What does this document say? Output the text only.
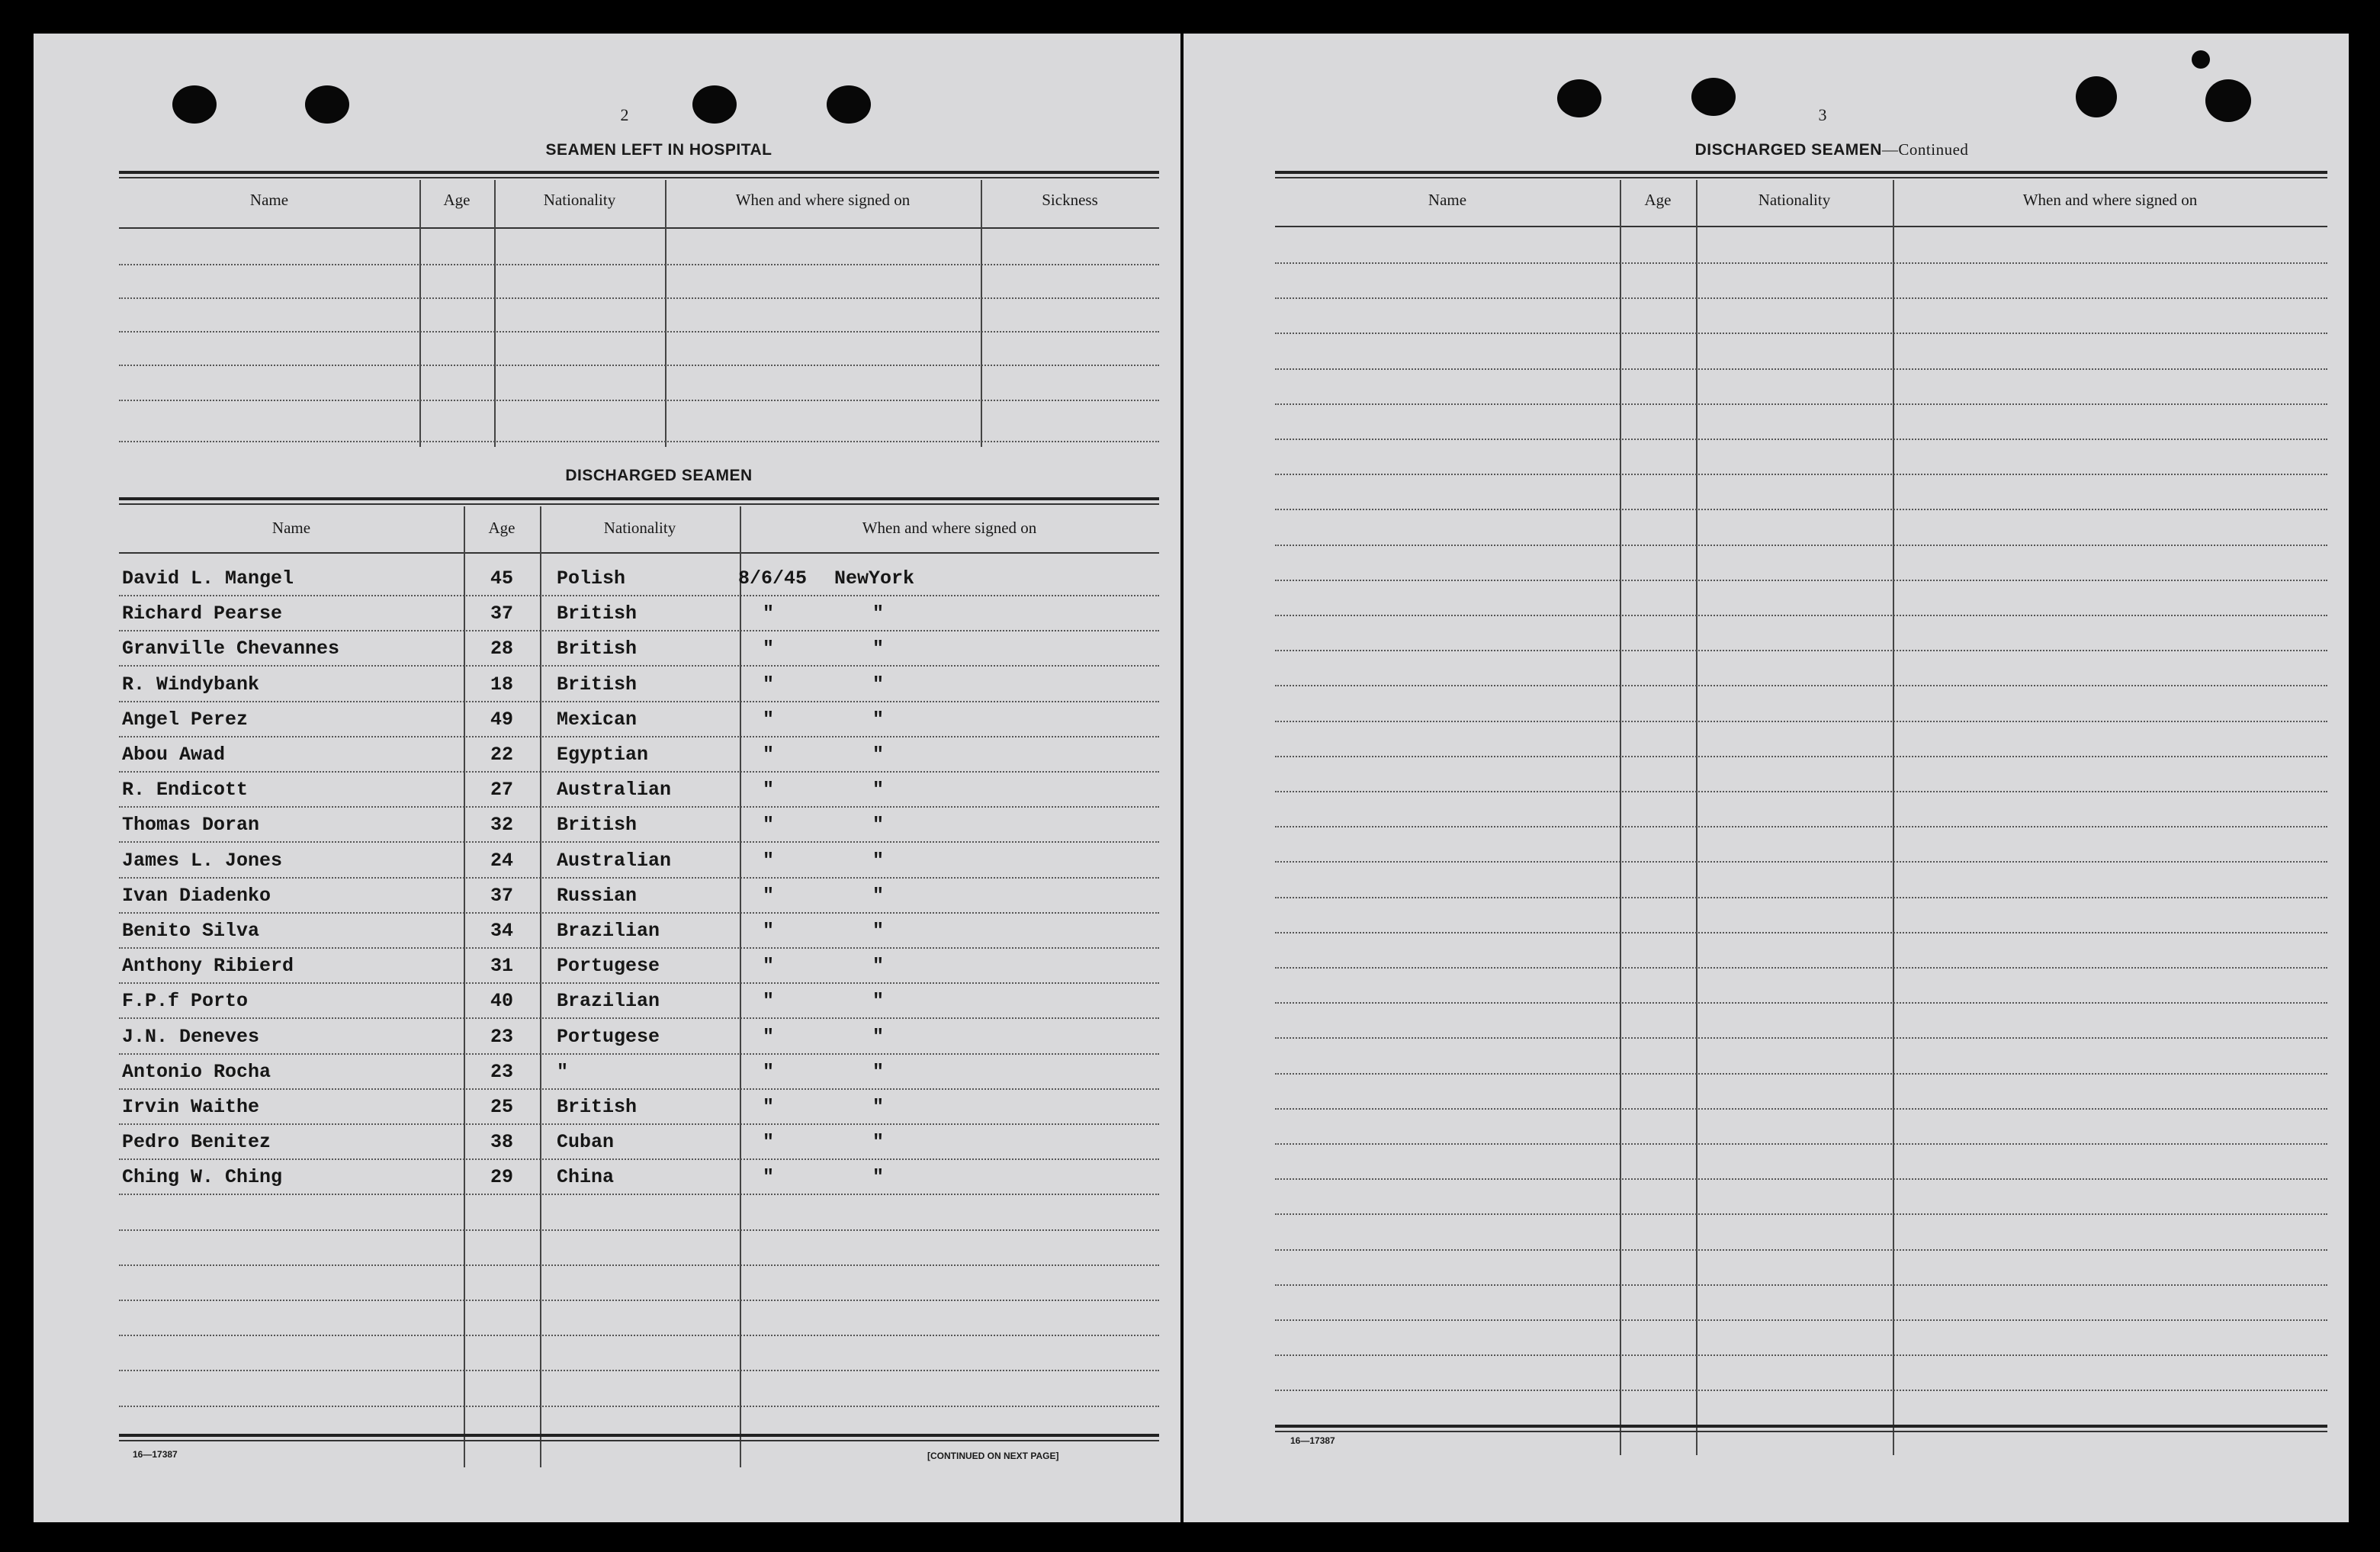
2
SEAMEN LEFT IN HOSPITAL
Name	Age	Nationality	When and where signed on	Sickness
DISCHARGED SEAMEN
Name	Age	Nationality	When and where signed on
David L. Mangel	45	Polish	8/6/45 NewYork
Richard Pearse	37	British	"	"
Granville Chevannes	28	British	"	"
R. Windybank	18	British	"	"
Angel Perez	49	Mexican	"	"
Abou Awad	22	Egyptian	"	"
R. Endicott	27	Australian	"	"
Thomas Doran	32	British	"	"
James L. Jones	24	Australian	"	"
Ivan Diadenko	37	Russian	"	"
Benito Silva	34	Brazilian	"	"
Anthony Ribierd	31	Portugese	"	"
F.P.f Porto	40	Brazilian	"	"
J.N. Deneves	23	Portugese	"	"
Antonio Rocha	23	"	"	"
Irvin Waithe	25	British	"	"
Pedro Benitez	38	Cuban	"	"
Ching W. Ching	29	China	"	"
16—17387	[CONTINUED ON NEXT PAGE]
3
DISCHARGED SEAMEN—Continued
Name	Age	Nationality	When and where signed on
16—17387
